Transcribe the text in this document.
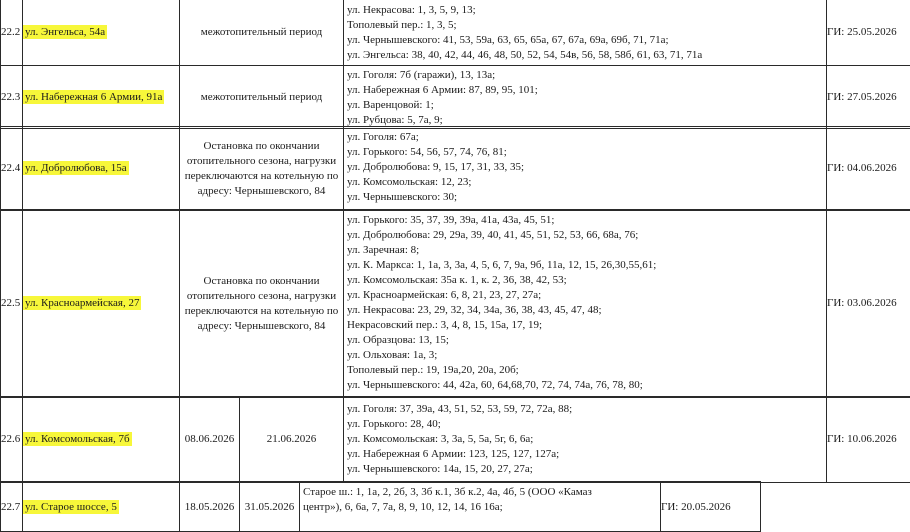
22.2	ул. Энгельса, 54а	межотопительный период	
ул. Некрасова: 1, 3, 5, 9, 13;
Тополевый пер.: 1, 3, 5;
ул. Чернышевского: 41, 53, 59а, 63, 65, 65а, 67, 67а, 69а, 69б, 71, 71а;
ул. Энгельса: 38, 40, 42, 44, 46, 48, 50, 52, 54, 54в, 56, 58, 58б, 61, 63, 71, 71а
	ГИ: 25.05.2026
22.3	ул. Набережная 6 Армии, 91а	межотопительный период	
ул. Гоголя: 7б (гаражи), 13, 13а;
ул. Набережная 6 Армии: 87, 89, 95, 101;
ул. Варенцовой: 1;
ул. Рубцова: 5, 7а, 9;
	ГИ: 27.05.2026
22.4	ул. Добролюбова, 15а	Остановка по окончании отопительного сезона, нагрузки переключаются на котельную по адресу: Чернышевского, 84	
ул. Гоголя: 67а;
ул. Горького: 54, 56, 57, 74, 76, 81;
ул. Добролюбова: 9, 15, 17, 31, 33, 35;
ул. Комсомольская: 12, 23;
ул. Чернышевского: 30;
	ГИ: 04.06.2026
22.5	ул. Красноармейская, 27	Остановка по окончании отопительного сезона, нагрузки переключаются на котельную по адресу: Чернышевского, 84	
ул. Горького: 35, 37, 39, 39а, 41а, 43а, 45, 51;
ул. Добролюбова: 29, 29а, 39, 40, 41, 45, 51, 52, 53, 66, 68а, 76;
ул. Заречная: 8;
ул. К. Маркса: 1, 1а, 3, 3а, 4, 5, 6, 7, 9а, 9б, 11а, 12, 15, 26,30,55,61;
ул. Комсомольская: 35а к. 1, к. 2, 36, 38, 42, 53;
ул. Красноармейская: 6, 8, 21, 23, 27, 27а;
ул. Некрасова: 23, 29, 32, 34, 34а, 36, 38, 43, 45, 47, 48;
Некрасовский пер.: 3, 4, 8, 15, 15а, 17, 19;
ул. Образцова: 13, 15;
ул. Ольховая: 1а, 3;
Тополевый пер.: 19, 19а,20, 20а, 20б;
ул. Чернышевского: 44, 42а, 60, 64,68,70, 72, 74, 74а, 76, 78, 80;
	ГИ: 03.06.2026
22.6	ул. Комсомольская, 7б	08.06.2026	21.06.2026	
ул. Гоголя: 37, 39а, 43, 51, 52, 53, 59, 72, 72а, 88;
ул. Горького: 28, 40;
ул. Комсомольская: 3, 3а, 5, 5а, 5г, 6, 6а;
ул. Набережная 6 Армии: 123, 125, 127, 127а;
ул. Чернышевского: 14а, 15, 20, 27, 27а;
	ГИ: 10.06.2026
22.7	ул. Старое шоссе, 5	18.05.2026	31.05.2026	
Старое ш.: 1, 1а, 2, 2б, 3, 3б к.1, 3б к.2, 4а, 4б, 5 (ООО «Камаз
центр»), 6, 6а, 7, 7а, 8, 9, 10, 12, 14, 16 16а;	ГИ: 20.05.2026
